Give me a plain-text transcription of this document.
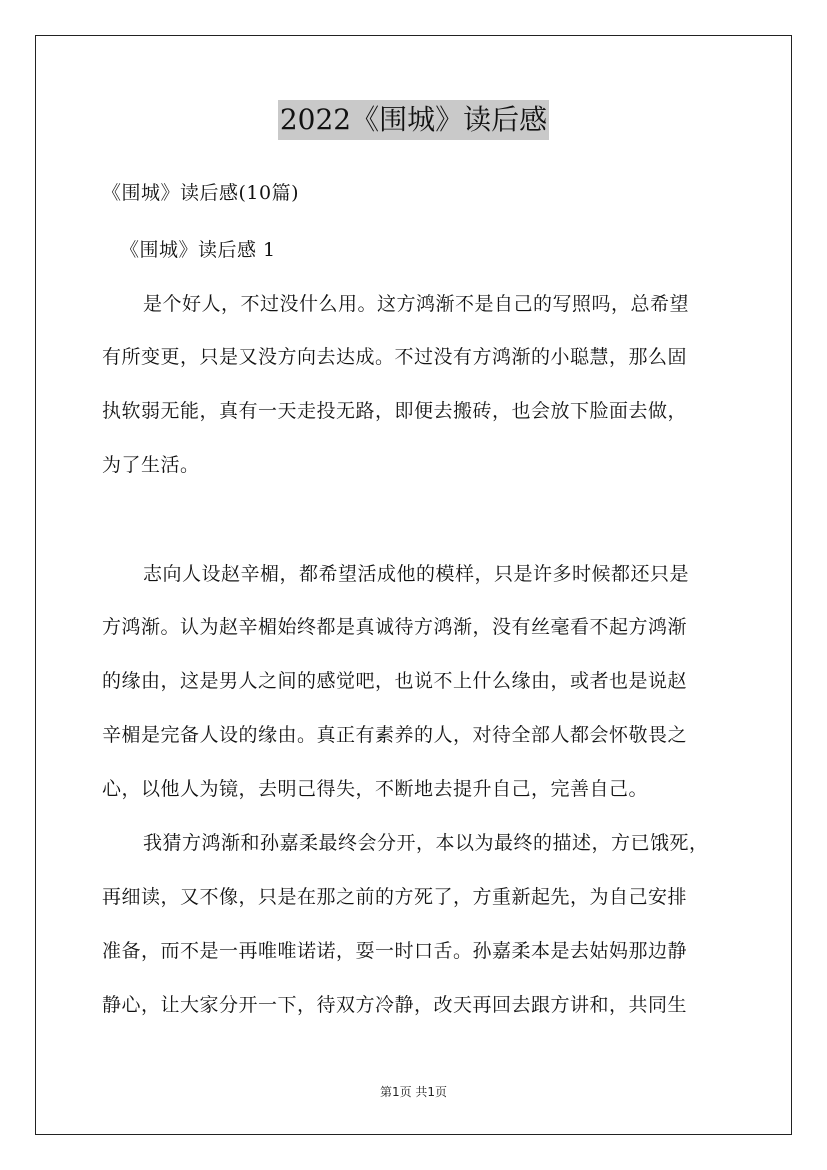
2022《围城》读后感
《围城》读后感(10篇)
《围城》读后感 1
是个好人，不过没什么用。这方鸿渐不是自己的写照吗，总希望
有所变更，只是又没方向去达成。不过没有方鸿渐的小聪慧，那么固
执软弱无能，真有一天走投无路，即便去搬砖，也会放下脸面去做，
为了生活。
志向人设赵辛楣，都希望活成他的模样，只是许多时候都还只是
方鸿渐。认为赵辛楣始终都是真诚待方鸿渐，没有丝毫看不起方鸿渐
的缘由，这是男人之间的感觉吧，也说不上什么缘由，或者也是说赵
辛楣是完备人设的缘由。真正有素养的人，对待全部人都会怀敬畏之
心，以他人为镜，去明己得失，不断地去提升自己，完善自己。
我猜方鸿渐和孙嘉柔最终会分开，本以为最终的描述，方已饿死，
再细读，又不像，只是在那之前的方死了，方重新起先，为自己安排
准备，而不是一再唯唯诺诺，耍一时口舌。孙嘉柔本是去姑妈那边静
静心，让大家分开一下，待双方冷静，改天再回去跟方讲和，共同生
第1页 共1页
